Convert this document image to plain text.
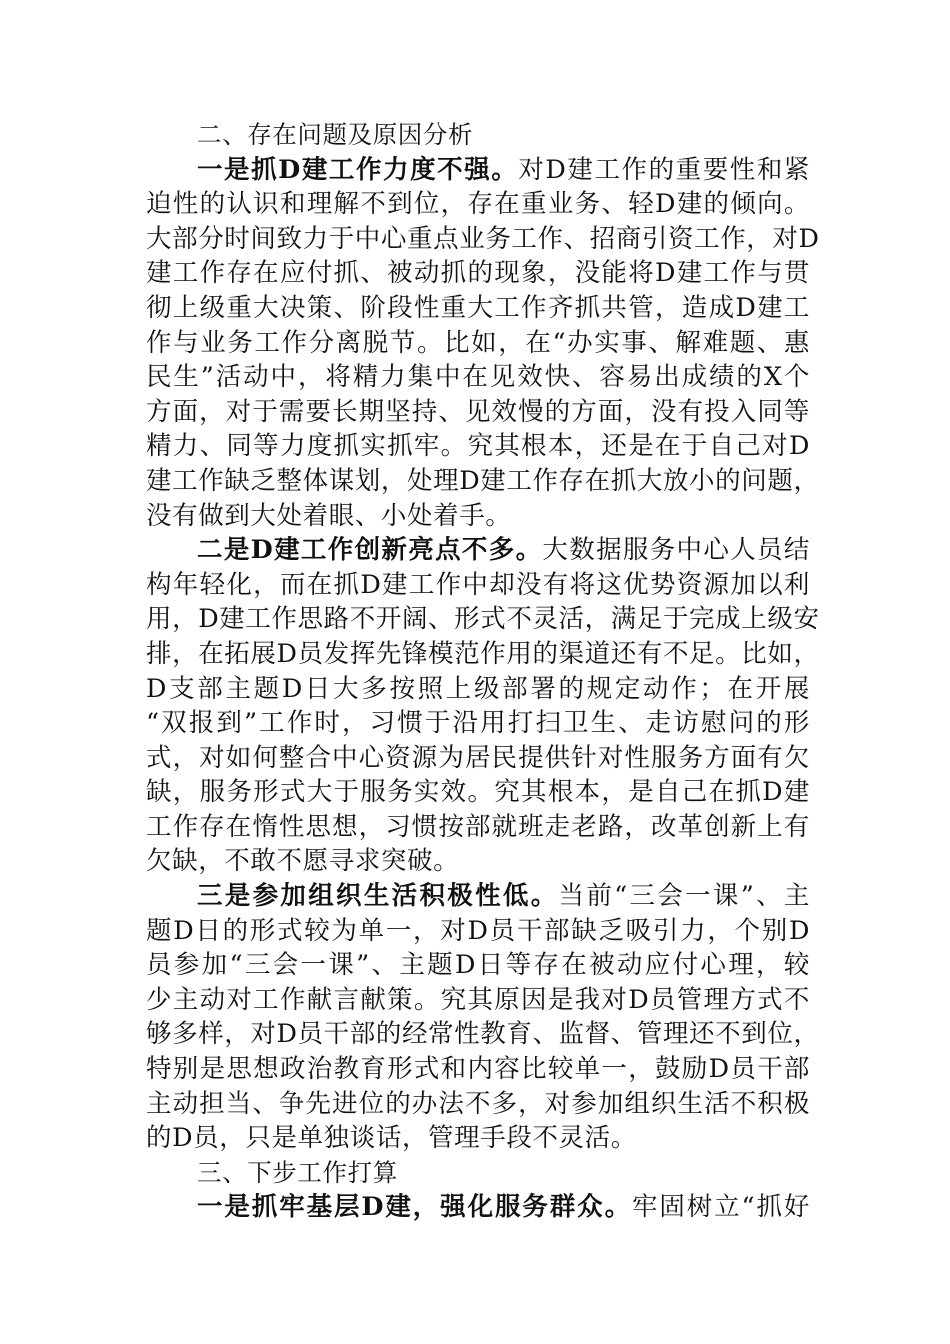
二、存在问题及原因分析
一是抓D建工作力度不强。对D建工作的重要性和紧
迫性的认识和理解不到位，存在重业务、轻D建的倾向。
大部分时间致力于中心重点业务工作、招商引资工作，对D
建工作存在应付抓、被动抓的现象，没能将D建工作与贯
彻上级重大决策、阶段性重大工作齐抓共管，造成D建工
作与业务工作分离脱节。比如，在“办实事、解难题、惠
民生”活动中，将精力集中在见效快、容易出成绩的X个
方面，对于需要长期坚持、见效慢的方面，没有投入同等
精力、同等力度抓实抓牢。究其根本，还是在于自己对D
建工作缺乏整体谋划，处理D建工作存在抓大放小的问题，
没有做到大处着眼、小处着手。
二是D建工作创新亮点不多。大数据服务中心人员结
构年轻化，而在抓D建工作中却没有将这优势资源加以利
用，D建工作思路不开阔、形式不灵活，满足于完成上级安
排，在拓展D员发挥先锋模范作用的渠道还有不足。比如，
D支部主题D日大多按照上级部署的规定动作；在开展
“双报到”工作时，习惯于沿用打扫卫生、走访慰问的形
式，对如何整合中心资源为居民提供针对性服务方面有欠
缺，服务形式大于服务实效。究其根本，是自己在抓D建
工作存在惰性思想，习惯按部就班走老路，改革创新上有
欠缺，不敢不愿寻求突破。
三是参加组织生活积极性低。当前“三会一课”、主
题D日的形式较为单一，对D员干部缺乏吸引力，个别D
员参加“三会一课”、主题D日等存在被动应付心理，较
少主动对工作献言献策。究其原因是我对D员管理方式不
够多样，对D员干部的经常性教育、监督、管理还不到位，
特别是思想政治教育形式和内容比较单一，鼓励D员干部
主动担当、争先进位的办法不多，对参加组织生活不积极
的D员，只是单独谈话，管理手段不灵活。
三、下步工作打算
一是抓牢基层D建，强化服务群众。牢固树立“抓好
